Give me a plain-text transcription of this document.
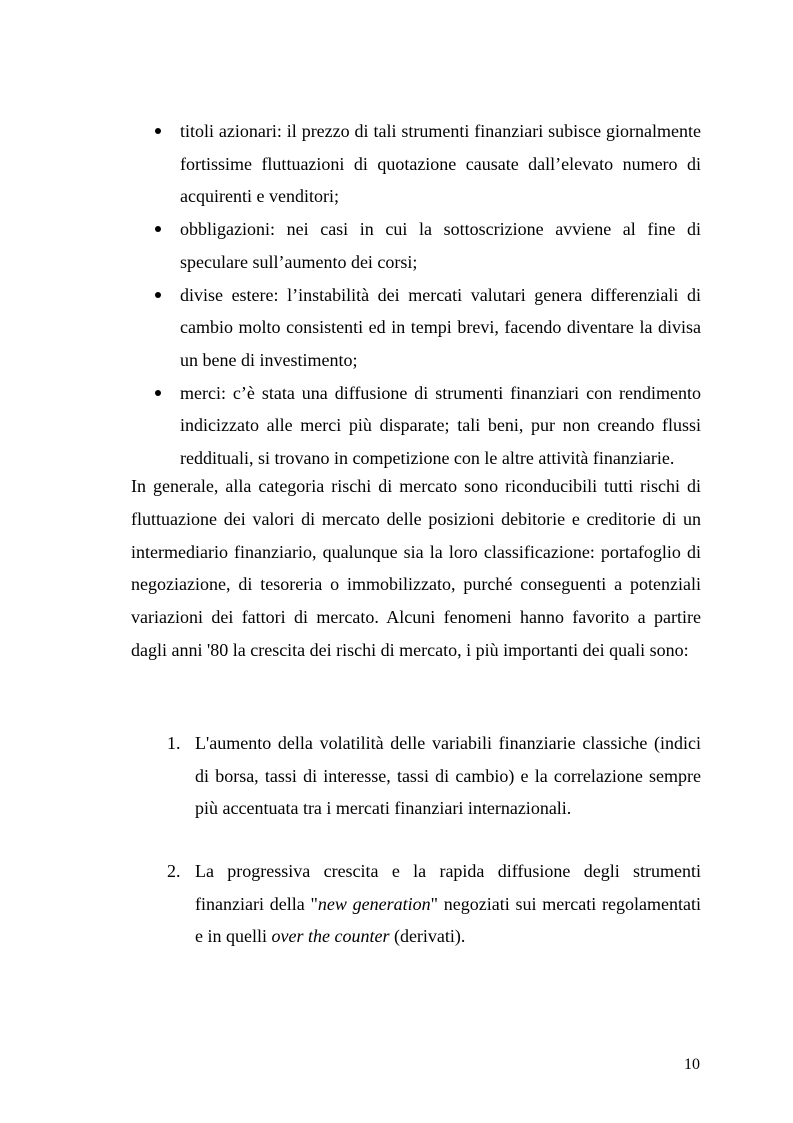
titoli azionari: il prezzo di tali strumenti finanziari subisce giornalmente fortissime fluttuazioni di quotazione causate dall’elevato numero di acquirenti e venditori;
obbligazioni: nei casi in cui la sottoscrizione avviene al fine di speculare sull’aumento dei corsi;
divise estere: l’instabilità dei mercati valutari genera differenziali di cambio molto consistenti ed in tempi brevi, facendo diventare la divisa un bene di investimento;
merci: c’è stata una diffusione di strumenti finanziari con rendimento indicizzato alle merci più disparate; tali beni, pur non creando flussi reddituali, si trovano in competizione con le altre attività finanziarie.

In generale, alla categoria rischi di mercato sono riconducibili tutti rischi di fluttuazione dei valori di mercato delle posizioni debitorie e creditorie di un intermediario finanziario, qualunque sia la loro classificazione: portafoglio di negoziazione, di tesoreria o immobilizzato, purché conseguenti a potenziali variazioni dei fattori di mercato. Alcuni fenomeni hanno favorito a partire dagli anni '80 la crescita dei rischi di mercato, i più importanti dei quali sono:

1. L'aumento della volatilità delle variabili finanziarie classiche (indici di borsa, tassi di interesse, tassi di cambio) e la correlazione sempre più accentuata tra i mercati finanziari internazionali.
2. La progressiva crescita e la rapida diffusione degli strumenti finanziari della "new generation" negoziati sui mercati regolamentati e in quelli over the counter (derivati).
10
